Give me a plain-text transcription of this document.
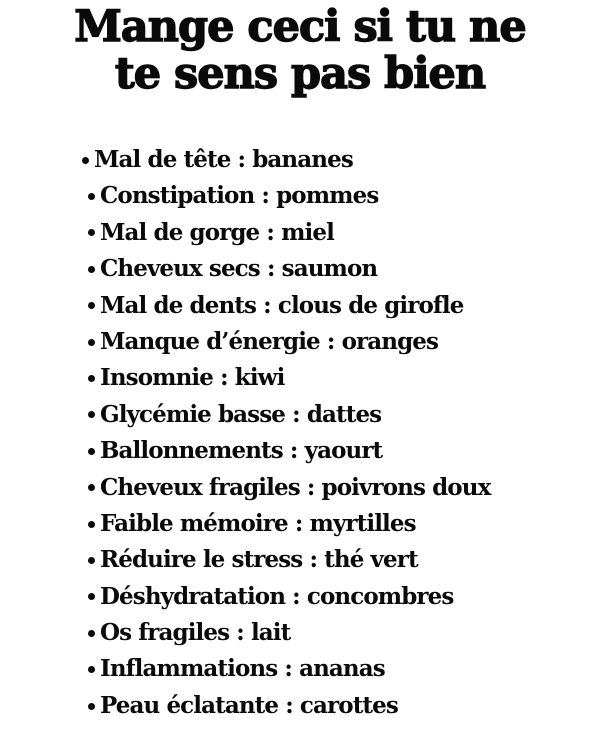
Mange ceci si tu ne
te sens pas bien
Mal de tête : bananes
Constipation : pommes
Mal de gorge : miel
Cheveux secs : saumon
Mal de dents : clous de girofle
Manque d’énergie : oranges
Insomnie : kiwi
Glycémie basse : dattes
Ballonnements : yaourt
Cheveux fragiles : poivrons doux
Faible mémoire : myrtilles
Réduire le stress : thé vert
Déshydratation : concombres
Os fragiles : lait
Inflammations : ananas
Peau éclatante : carottes
